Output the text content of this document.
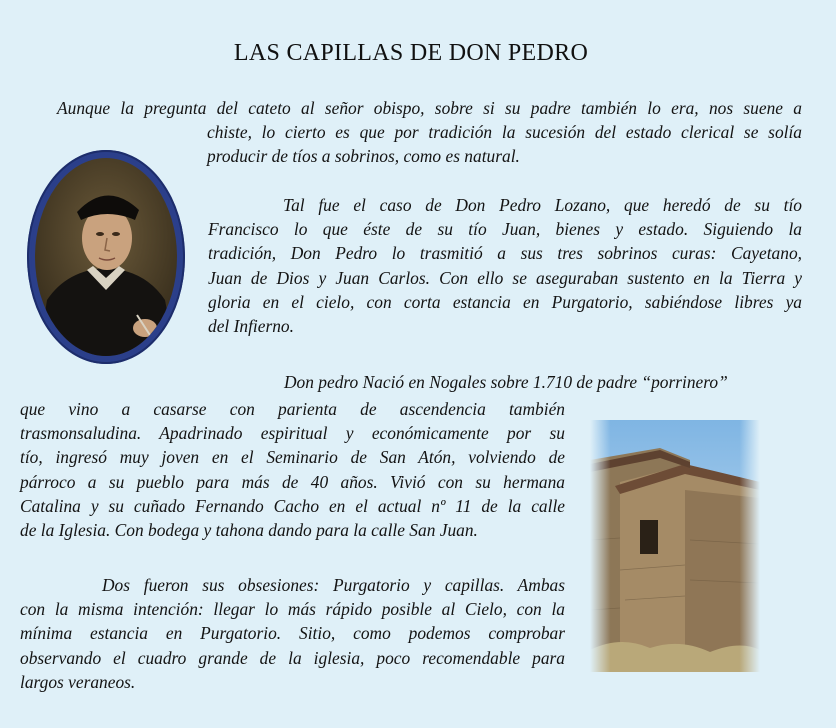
LAS CAPILLAS DE DON PEDRO
Aunque la pregunta del cateto al señor obispo, sobre si su padre también lo era, nos suene a
chiste, lo cierto es que por tradición la sucesión del estado clerical se solía
producir de tíos a sobrinos, como es natural.
Tal fue el caso de Don Pedro Lozano, que heredó de su tío
Francisco lo que éste de su tío Juan, bienes y estado. Siguiendo la
tradición, Don Pedro lo trasmitió a sus tres sobrinos curas: Cayetano,
Juan de Dios y Juan Carlos. Con ello se aseguraban sustento en la Tierra y
gloria en el cielo, con corta estancia en Purgatorio, sabiéndose libres ya
del Infierno.
Don pedro Nació en Nogales sobre 1.710 de padre “porrinero”
que vino a casarse con parienta de ascendencia también
trasmonsaludina. Apadrinado espiritual y económicamente por su
tío, ingresó muy joven en el Seminario de San Atón, volviendo de
párroco a su pueblo para más de 40 años. Vivió con su hermana
Catalina y su cuñado Fernando Cacho en el actual nº 11 de la calle
de la Iglesia. Con bodega y tahona dando para la calle San Juan.
Dos fueron sus obsesiones: Purgatorio y capillas. Ambas
con la misma intención: llegar lo más rápido posible al Cielo, con la
mínima estancia en Purgatorio. Sitio, como podemos comprobar
observando el cuadro grande de la iglesia, poco recomendable para
largos veraneos.
